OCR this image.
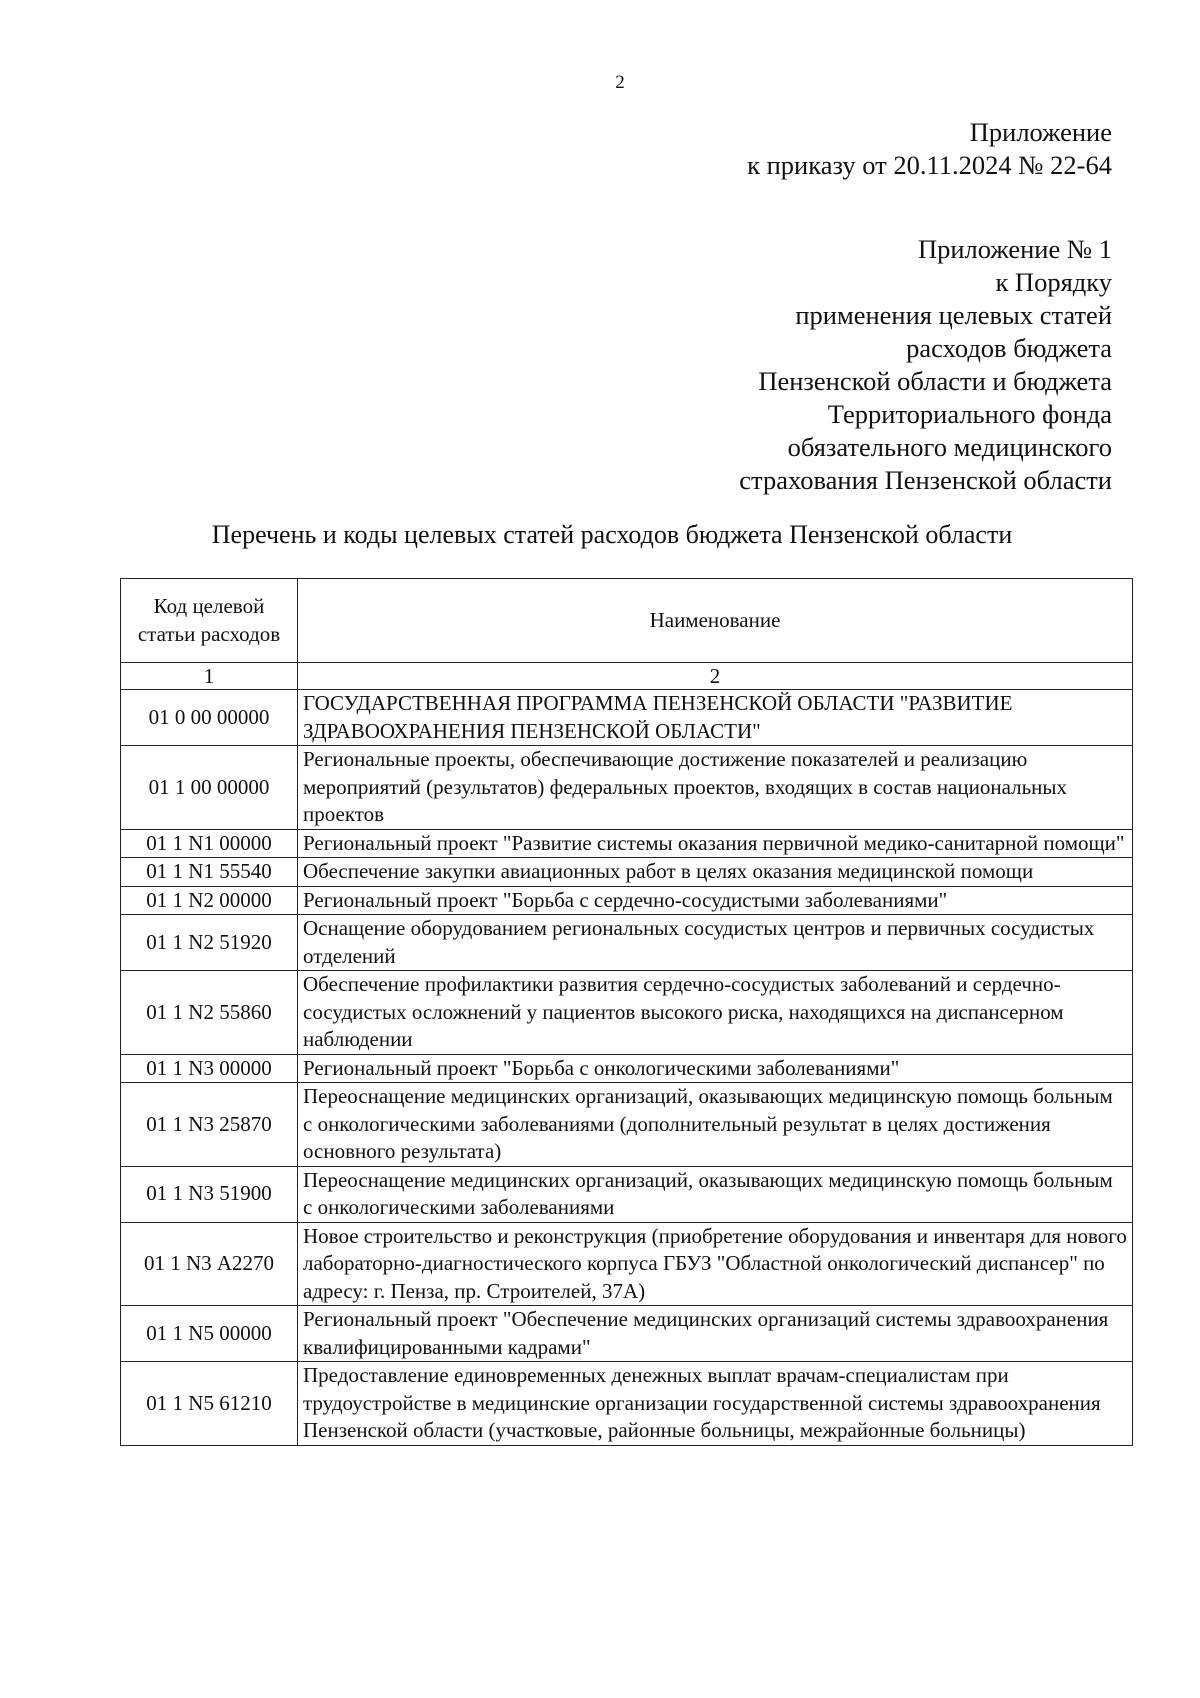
2
Приложение
к приказу от 20.11.2024 № 22-64
Приложение № 1
к Порядку
применения целевых статей
расходов бюджета
Пензенской области и бюджета
Территориального фонда
обязательного медицинского
страхования Пензенской области
Перечень и коды целевых статей расходов бюджета Пензенской области
Код целевой статьи расходов	Наименование
1	2
01 0 00 00000	ГОСУДАРСТВЕННАЯ ПРОГРАММА ПЕНЗЕНСКОЙ ОБЛАСТИ "РАЗВИТИЕ ЗДРАВООХРАНЕНИЯ ПЕНЗЕНСКОЙ ОБЛАСТИ"
01 1 00 00000	Региональные проекты, обеспечивающие достижение показателей и реализацию мероприятий (результатов) федеральных проектов, входящих в состав национальных проектов
01 1 N1 00000	Региональный проект "Развитие системы оказания первичной медико-санитарной помощи"
01 1 N1 55540	Обеспечение закупки авиационных работ в целях оказания медицинской помощи
01 1 N2 00000	Региональный проект "Борьба с сердечно-сосудистыми заболеваниями"
01 1 N2 51920	Оснащение оборудованием региональных сосудистых центров и первичных сосудистых отделений
01 1 N2 55860	Обеспечение профилактики развития сердечно-сосудистых заболеваний и сердечно-сосудистых осложнений у пациентов высокого риска, находящихся на диспансерном наблюдении
01 1 N3 00000	Региональный проект "Борьба с онкологическими заболеваниями"
01 1 N3 25870	Переоснащение медицинских организаций, оказывающих медицинскую помощь больным с онкологическими заболеваниями (дополнительный результат в целях достижения основного результата)
01 1 N3 51900	Переоснащение медицинских организаций, оказывающих медицинскую помощь больным с онкологическими заболеваниями
01 1 N3 А2270	Новое строительство и реконструкция (приобретение оборудования и инвентаря для нового лабораторно-диагностического корпуса ГБУЗ "Областной онкологический диспансер" по адресу: г. Пенза, пр. Строителей, 37А)
01 1 N5 00000	Региональный проект "Обеспечение медицинских организаций системы здравоохранения квалифицированными кадрами"
01 1 N5 61210	Предоставление единовременных денежных выплат врачам-специалистам при трудоустройстве в медицинские организации государственной системы здравоохранения Пензенской области (участковые, районные больницы, межрайонные больницы)
